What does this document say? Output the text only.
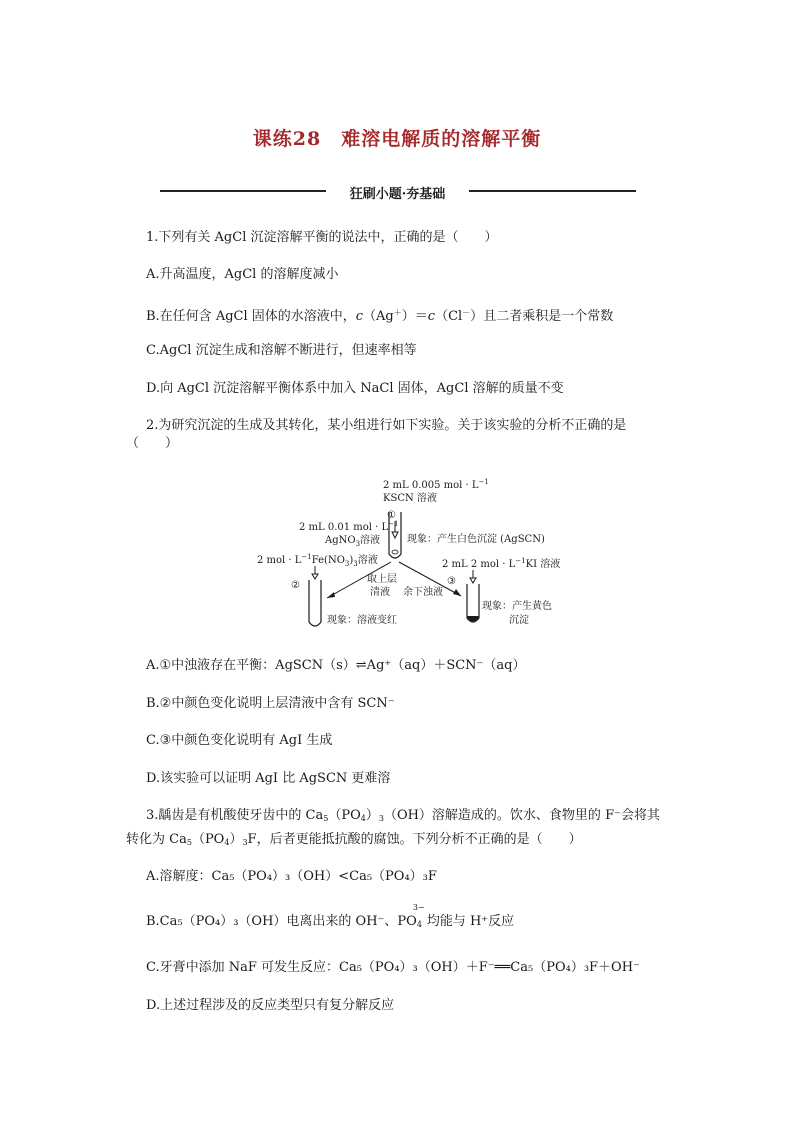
课练28　难溶电解质的溶解平衡
狂刷小题·夯基础
1.下列有关 AgCl 沉淀溶解平衡的说法中，正确的是（　　）
A.升高温度，AgCl 的溶解度减小
B.在任何含 AgCl 固体的水溶液中，c（Ag＋）＝c（Cl－）且二者乘积是一个常数
C.AgCl 沉淀生成和溶解不断进行，但速率相等
D.向 AgCl 沉淀溶解平衡体系中加入 NaCl 固体，AgCl 溶解的质量不变
2.为研究沉淀的生成及其转化，某小组进行如下实验。关于该实验的分析不正确的是（　　）
2 mL 0.005 mol · $L^{-1}$
KSCN 溶液
①
2 mL 0.01 mol · $L^{-1}$
AgNO$_3$溶液	现象：产生白色沉淀 (AgSCN)
2 mol · $L^{-1}Fe(NO_3)_3$溶液
②
2 mL 2 mol · $L^{-1}KI$ 溶液
③
取上层
清液 余下浊液
现象：溶液变红
现象：产生黄色
沉淀
A.①中浊液存在平衡：AgSCN（s）⇌Ag⁺（aq）＋SCN⁻（aq）
B.②中颜色变化说明上层清液中含有 SCN⁻
C.③中颜色变化说明有 AgI 生成
D.该实验可以证明 AgI 比 AgSCN 更难溶
3.龋齿是有机酸使牙齿中的 $Ca_5(PO_4)_3(OH)$溶解造成的。饮水、食物里的 F⁻会将其
转化为 $Ca_5(PO_4)_3F$，后者更能抵抗酸的腐蚀。下列分析不正确的是（　　）
A.溶解度：Ca₅（PO₄）₃（OH）<Ca₅（PO₄）₃F
B.Ca₅（PO₄）₃（OH）电离出来的 OH⁻、PO
3−
$_4$ 均能与 H⁺反应
C.牙膏中添加 NaF 可发生反应：Ca₅（PO₄）₃（OH）＋F⁻══Ca₅（PO₄）₃F＋OH⁻
D.上述过程涉及的反应类型只有复分解反应
